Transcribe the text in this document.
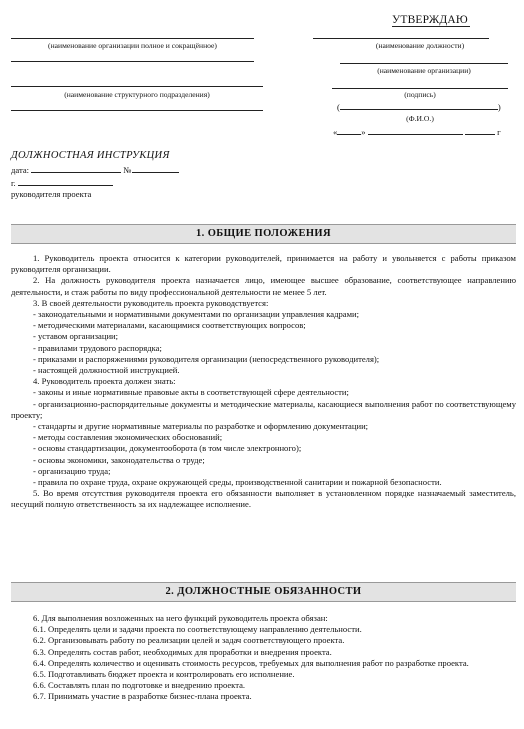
(наименование организации полное и сокращённое)
(наименование структурного подразделения)
УТВЕРЖДАЮ
(наименование должности)
(наименование организации)
(подпись)
(	)
(Ф.И.О.)
«	»	г
ДОЛЖНОСТНАЯ ИНСТРУКЦИЯ
дата:	№
г.
руководителя проекта
1. ОБЩИЕ ПОЛОЖЕНИЯ

1. Руководитель проекта относится к категории руководителей, принимается на работу и увольняется с работы приказом руководителя организации.

2. На должность руководителя проекта назначается лицо, имеющее высшее образование, соответствующее направлению деятельности, и стаж работы по виду профессиональной деятельности не менее 5 лет.

3. В своей деятельности руководитель проекта руководствуется:

- законодательными и нормативными документами по организации управления кадрами;

- методическими материалами, касающимися соответствующих вопросов;

- уставом организации;

- правилами трудового распорядка;

- приказами и распоряжениями руководителя организации (непосредственного руководителя);

- настоящей должностной инструкцией.

4. Руководитель проекта должен знать:

- законы и иные нормативные правовые акты в соответствующей сфере деятельности;

- организационно-распорядительные документы и методические материалы, касающиеся выполнения работ по соответствующему проекту;

- стандарты и другие нормативные материалы по разработке и оформлению документации;

- методы составления экономических обоснований;

- основы стандартизации, документооборота (в том числе электронного);

- основы экономики, законодательства о труде;

- организацию труда;

- правила по охране труда, охране окружающей среды, производственной санитарии и пожарной безопасности.

5. Во время отсутствия руководителя проекта его обязанности выполняет в установленном порядке назначаемый заместитель, несущий полную ответственность за их надлежащее исполнение.

2. ДОЛЖНОСТНЫЕ ОБЯЗАННОСТИ

6. Для выполнения возложенных на него функций руководитель проекта обязан:

6.1. Определять цели и задачи проекта по соответствующему направлению деятельности.

6.2. Организовывать работу по реализации целей и задач соответствующего проекта.

6.3. Определять состав работ, необходимых для проработки и внедрения проекта.

6.4. Определять количество и оценивать стоимость ресурсов, требуемых для выполнения работ по разработке проекта.

6.5. Подготавливать бюджет проекта и контролировать его исполнение.

6.6. Составлять план по подготовке и внедрению проекта.

6.7. Принимать участие в разработке бизнес-плана проекта.
